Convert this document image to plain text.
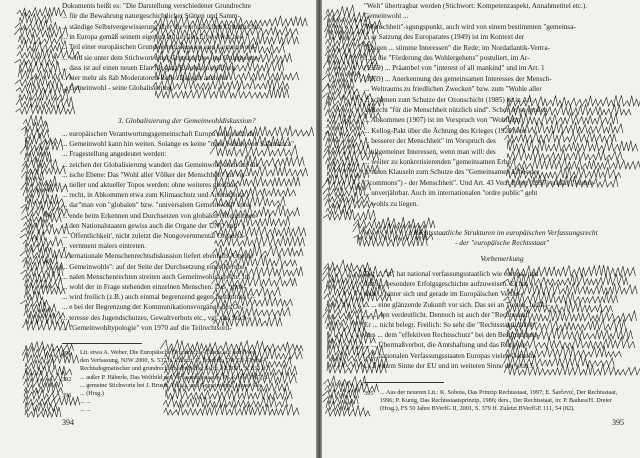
Dokuments heißt es: "Die Darstellung verschiedener Grundrechte
... für die Bewahrung naturgeschichtlicher Stätten und Samm-
... ständige Selbstvergewisserung über die europäischen Grundrechte
... in Europa gemäß seinem eigenen kulturellen Erbe etwas bei-
... Teil einer europäischen Grundwertediskussion und Gemeinwohl-
... wird sie unter dem Stichwort einer Grundrechte- und Grundwerte-
... dass ist auf einen neuen Elan für ganz Europa zu eröffnen.
... hier mehr als 8ab Moderatoren-Rolle. Das gilt auch für
... Gemeinwohl - seine Globalisierung.
3. Globalisierung der Gemeinwohldiskussion?
... europäischen Verantwortungsgemeinschaft Europa sollte sich der
... Gemeinwohl kann hin weiten. Solange es keine "neue Schule von Salamanca"
... Fragestellung angedeutet werden:
... zeichen der Globalisierung wandert das Gemeinwohl auch auf die
... ische Ebene: Das "Wohl aller Völker der Menschheit" im Ver-
... tieller und aktueller Topos werden: ohne weiteres greifbar
... recht, in Abkommen etwa zum Klimaschutz und Artenschutz
... dar"man von "globalen" bzw. "universalem Gemeinwohl" spre-
... ende beim Erkennen und Durchsetzen von globalen Öffentlichen-
... den Nationalstaaten gewiss auch die Organe der UNO und
... 'Öffentlichkeit', nicht zuletzt die Nongovernmental Organisa-
... vernment malers eintreten.
... ternationale Menschenrechtsdiskussion liefert ebenfalls Aspekte
... Gemeinwohls": auf der Seite der Durchsetzung eines Kernbe-
... nalen Menschenrechten streiten auch Gemeinwohlsaspekte, im
... wohl der in Frage stehenden einzelnen Menschen. Das "glob-
... wird freilich (z.B.) auch einmal begrenzend gegen bestimmte G-
... e bei der Begrenzung der Kommunikationsvorgänge des Ge-
... teresse des Jugendschutzes, Gewaltverbots etc., vgl. das Stich-
... "Gemeinwohltypologie" von 1970 auf die Teilrechtsord-
a)
b)
c)
391
392
393
Lit. etwa A. Weber, Die Europäische Grundrechte-Charta auf dem Weg
den Verfassung, NJW 2000, S. 537 ff. Zuletzt: V. Schmitz, Die EU-Grund-
Rechtsdogmatischer und grundrechtstheoretischer Sicht, JZ 2001, S. 833 ff.
... außer P. Häberle, Das Weltbild des Verfassungsstaates, FS Kriele 1997, S.
... gemeine Stichworte bei J. Brusin, Politik und Gemeinwohl, Jenaer Ges.
... (Hrsg.)
... ...
... ...
394
"Welt" übertragbar werden (Stichwort: Kompetenzaspekt, Annahmetitel etc.).
Gemeinwohl ...
"Menschheit"-sgungspunkt, auch wird von einem bestimmten "gemeinsa-
... er Satzung des Europarates (1949) ist im Kontext der
"Fragen ... stimme Interessen" die Rede; im Nordatlantik-Vertra-
... a, die "Förderung des Wohlergehens" postuliert, im Ar-
(1959) ... Präambel von "interest of all mankind" und im Art. 1
(1959) ... Anerkennung des gemeinsamen Interesses der Mensch-
... Weltraums zu friedlichen Zwecken" bzw. zum "Wohle aller
... schemen zum Schutze der Ozonschicht (1985) ist in Art.
... Recht "für die Menschheit nützlich sind". Schon in so großen
... Abkommen (1907) ist im Vorspruch von "Wohlfahrt
... Kellog-Pakt über die Ächtung des Krieges (1928) von
... besserer der Menschheit" im Vorspruch des
... allgemeiner Interessen, wenn man will: des
... weiter zu konkretisierenden "gemeinsamen Erbe
... nalen Klauseln zum Schutze des "Gemeinsamen Erbes der
("commons") - der Menschheit". Und Art. 43 Verf. Polen (1997) erklärt "Verbre-
... unverjährbar. Auch im internationalen "ordre public" geht
... wohls zu liegen.
... Rechtsstaatliche Strukturen im europäischen Verfassungsrecht
- der "europäische Rechtsstaat"
Vorbemerkung
Der ... "at" hat national verfassungsstaatlich wie europa- und
erst s... besondere Erfolgsgeschichte aufzuweisen. Er hat
sich ... hinter sich und gerade im Europäischen Verfas-
... ... eine glänzende Zukunft vor sich. Das sei an Texten, Judika-
... ... -ten verdeutlicht. Dennoch ist auch der "Rechtsstaat"
Er ... nicht belegt. Freilich: So sehr die "Rechtsstaatlichkeit"
Aus ... dem "effektiven Rechtsschutz" bei den Bestimmtheit-
... ... Übermaßverbot, die Amtshaftung und das Rückwir-
... ... nationalen Verfassungsstaaten Europas vielen Gemein-
... ... einem Sinne der EU und im weiteren Sinne der jetzt 5
395 ... Aus der neueren Lit.: K. Sobota, Das Prinzip Rechtsstaat, 1997; E. Šarčević, Der Rechtsstaat,
1996; P. Kunig, Das Rechtsstaatsprinzip, 1986; ders., Der Rechtsstaat, in: P. Badura/H. Dreier
(Hrsg.), FS 50 Jahre BVerfG II, 2001, S. 379 ff. Zuletzt BVerfGE 111, 54 (82).
395
